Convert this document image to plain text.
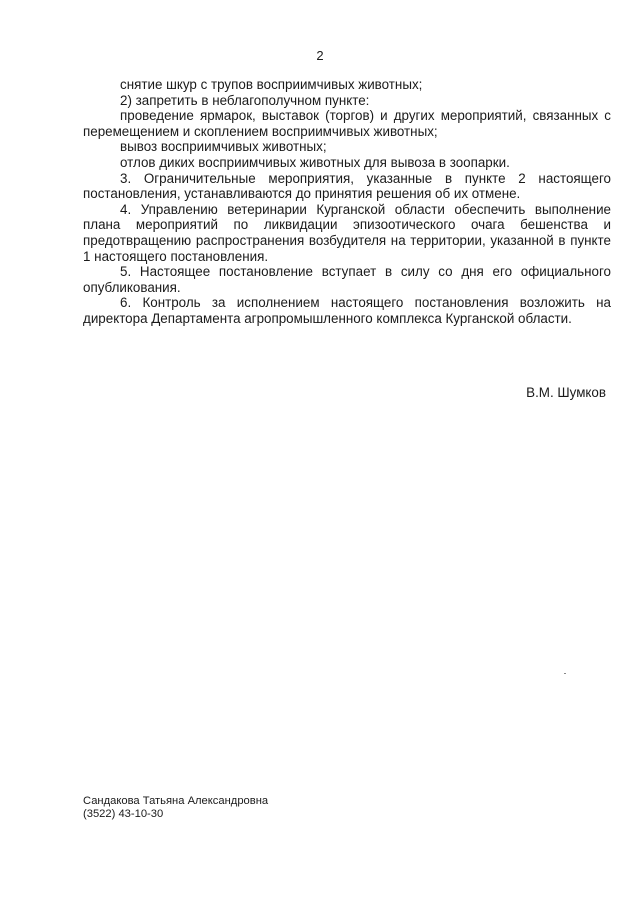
2

снятие шкур с трупов восприимчивых животных;

2) запретить в неблагополучном пункте:

проведение ярмарок, выставок (торгов) и других мероприятий, связанных с перемещением и скоплением восприимчивых животных;

вывоз восприимчивых животных;

отлов диких восприимчивых животных для вывоза в зоопарки.

3. Ограничительные мероприятия, указанные в пункте 2 настоящего постановления, устанавливаются до принятия решения об их отмене.

4. Управлению ветеринарии Курганской области обеспечить выполнение плана мероприятий по ликвидации эпизоотического очага бешенства и предотвращению распространения возбудителя на территории, указанной в пункте 1 настоящего постановления.

5. Настоящее постановление вступает в силу со дня его официального опубликования.

6. Контроль за исполнением настоящего постановления возложить на директора Департамента агропромышленного комплекса Курганской области.

В.М. Шумков
Сандакова Татьяна Александровна
(3522) 43-10-30
